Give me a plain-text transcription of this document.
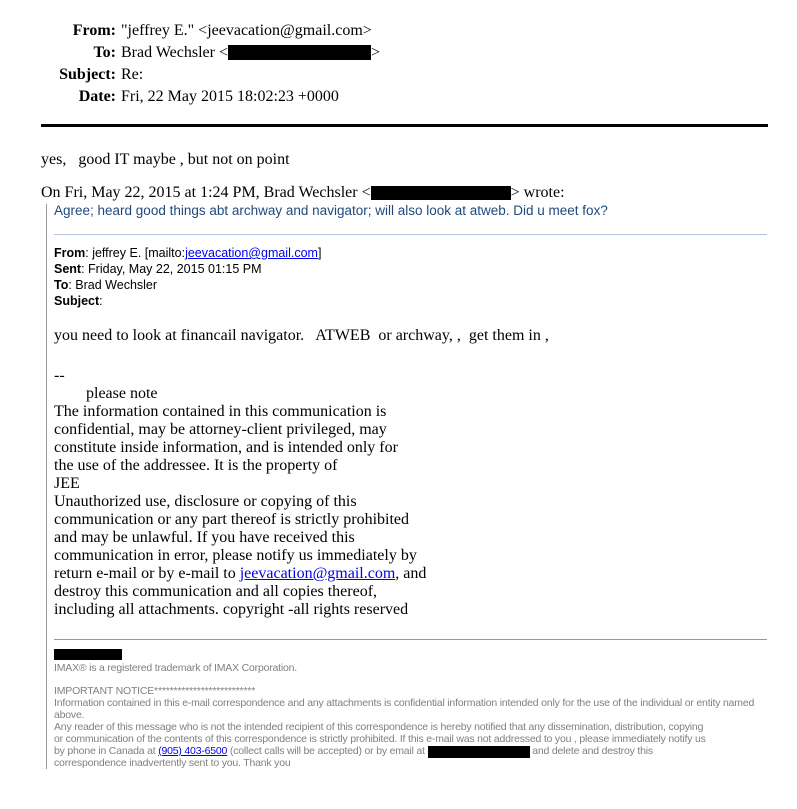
From: "jeffrey E." <jeevacation@gmail.com>
To: Brad Wechsler <	>
Subject: Re:
Date: Fri, 22 May 2015 18:02:23 +0000
yes,   good IT maybe , but not on point
On Fri, May 22, 2015 at 1:24 PM, Brad Wechsler <	> wrote:
Agree; heard good things abt archway and navigator; will also look at atweb. Did u meet fox?
From: jeffrey E. [mailto:jeevacation@gmail.com]
Sent: Friday, May 22, 2015 01:15 PM
To: Brad Wechsler
Subject:
you need to look at financail navigator.   ATWEB  or archway, ,  get them in ,
--
please note
The information contained in this communication is
confidential, may be attorney-client privileged, may
constitute inside information, and is intended only for
the use of the addressee. It is the property of
JEE
Unauthorized use, disclosure or copying of this
communication or any part thereof is strictly prohibited
and may be unlawful. If you have received this
communication in error, please notify us immediately by
return e-mail or by e-mail to jeevacation@gmail.com, and
destroy this communication and all copies thereof,
including all attachments. copyright -all rights reserved
IMAX® is a registered trademark of IMAX Corporation.
IMPORTANT NOTICE**************************
Information contained in this e-mail correspondence and any attachments is confidential information intended only for the use of the individual or entity named
above.
Any reader of this message who is not the intended recipient of this correspondence is hereby notified that any dissemination, distribution, copying
or communication of the contents of this correspondence is strictly prohibited. If this e-mail was not addressed to you , please immediately notify us
by phone in Canada at (905) 403-6500 (collect calls will be accepted) or by email at	and delete and destroy this
correspondence inadvertently sent to you. Thank you
